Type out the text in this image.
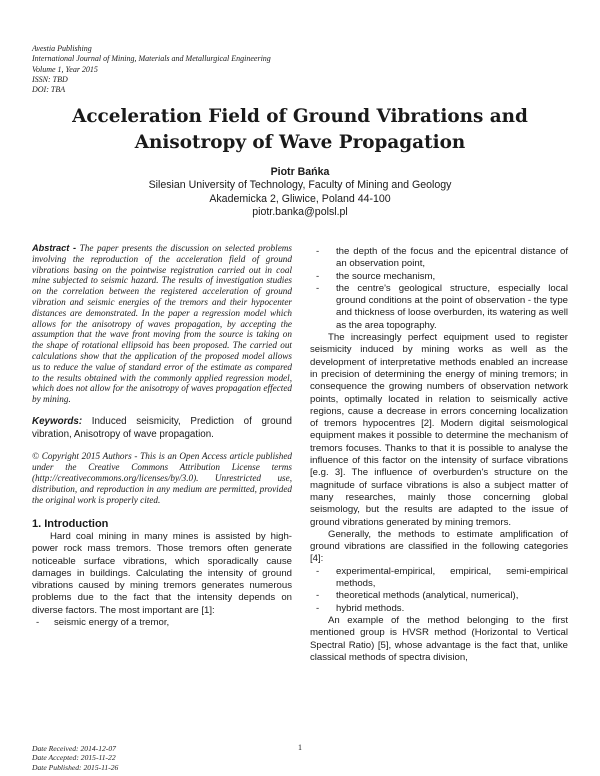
Avestia Publishing
International Journal of Mining, Materials and Metallurgical Engineering
Volume 1, Year 2015
ISSN: TBD
DOI: TBA
Acceleration Field of Ground Vibrations and Anisotropy of Wave Propagation
Piotr Bańka
Silesian University of Technology, Faculty of Mining and Geology
Akademicka 2, Gliwice, Poland 44-100
piotr.banka@polsl.pl

Abstract - The paper presents the discussion on selected problems involving the reproduction of the acceleration field of ground vibrations basing on the pointwise registration carried out in coal mine subjected to seismic hazard. The results of investigation studies on the correlation between the registered acceleration of ground vibration and seismic energies of the tremors and their hypocenter distances are demonstrated. In the paper a regression model which allows for the anisotropy of waves propagation, by accepting the assumption that the wave front moving from the source is taking on the shape of rotational ellipsoid has been proposed. The carried out calculations show that the application of the proposed model allows us to reduce the value of standard error of the estimate as compared to the results obtained with the commonly applied regression model, which does not allow for the anisotropy of waves propagation effected by mining.

Keywords: Induced seismicity, Prediction of ground vibration, Anisotropy of wave propagation.

© Copyright 2015 Authors - This is an Open Access article published under the Creative Commons Attribution License terms (http://creativecommons.org/licenses/by/3.0). Unrestricted use, distribution, and reproduction in any medium are permitted, provided the original work is properly cited.

1. Introduction

Hard coal mining in many mines is assisted by high-power rock mass tremors. Those tremors often generate noticeable surface vibrations, which sporadically cause damages in buildings. Calculating the intensity of ground vibrations caused by mining tremors generates numerous problems due to the fact that the intensity depends on diverse factors. The most important are [1]:

- seismic energy of a tremor,
- the depth of the focus and the epicentral distance of an observation point,
- the source mechanism,
- the centre's geological structure, especially local ground conditions at the point of observation - the type and thickness of loose overburden, its watering as well as the area topography.

The increasingly perfect equipment used to register seismicity induced by mining works as well as the development of interpretative methods enabled an increase in precision of determining the energy of mining tremors; in consequence the growing numbers of observation network points, optimally located in relation to seismically active regions, cause a decrease in errors concerning localization of tremors hypocentres [2]. Modern digital seismological equipment makes it possible to determine the mechanism of tremors focuses. Thanks to that it is possible to analyse the influence of this factor on the intensity of surface vibrations [e.g. 3]. The influence of overburden's structure on the magnitude of surface vibrations is also a subject matter of many researches, mainly those concerning global seismology, but the results are adapted to the issue of ground vibrations generated by mining tremors.

Generally, the methods to estimate amplification of ground vibrations are classified in the following categories [4]:

- experimental-empirical, empirical, semi-empirical methods,
- theoretical methods (analytical, numerical),
- hybrid methods.

An example of the method belonging to the first mentioned group is HVSR method (Horizontal to Vertical Spectral Ratio) [5], whose advantage is the fact that, unlike classical methods of spectra division,

Date Received: 2014-12-07
Date Accepted: 2015-11-22
Date Published: 2015-11-26
1
